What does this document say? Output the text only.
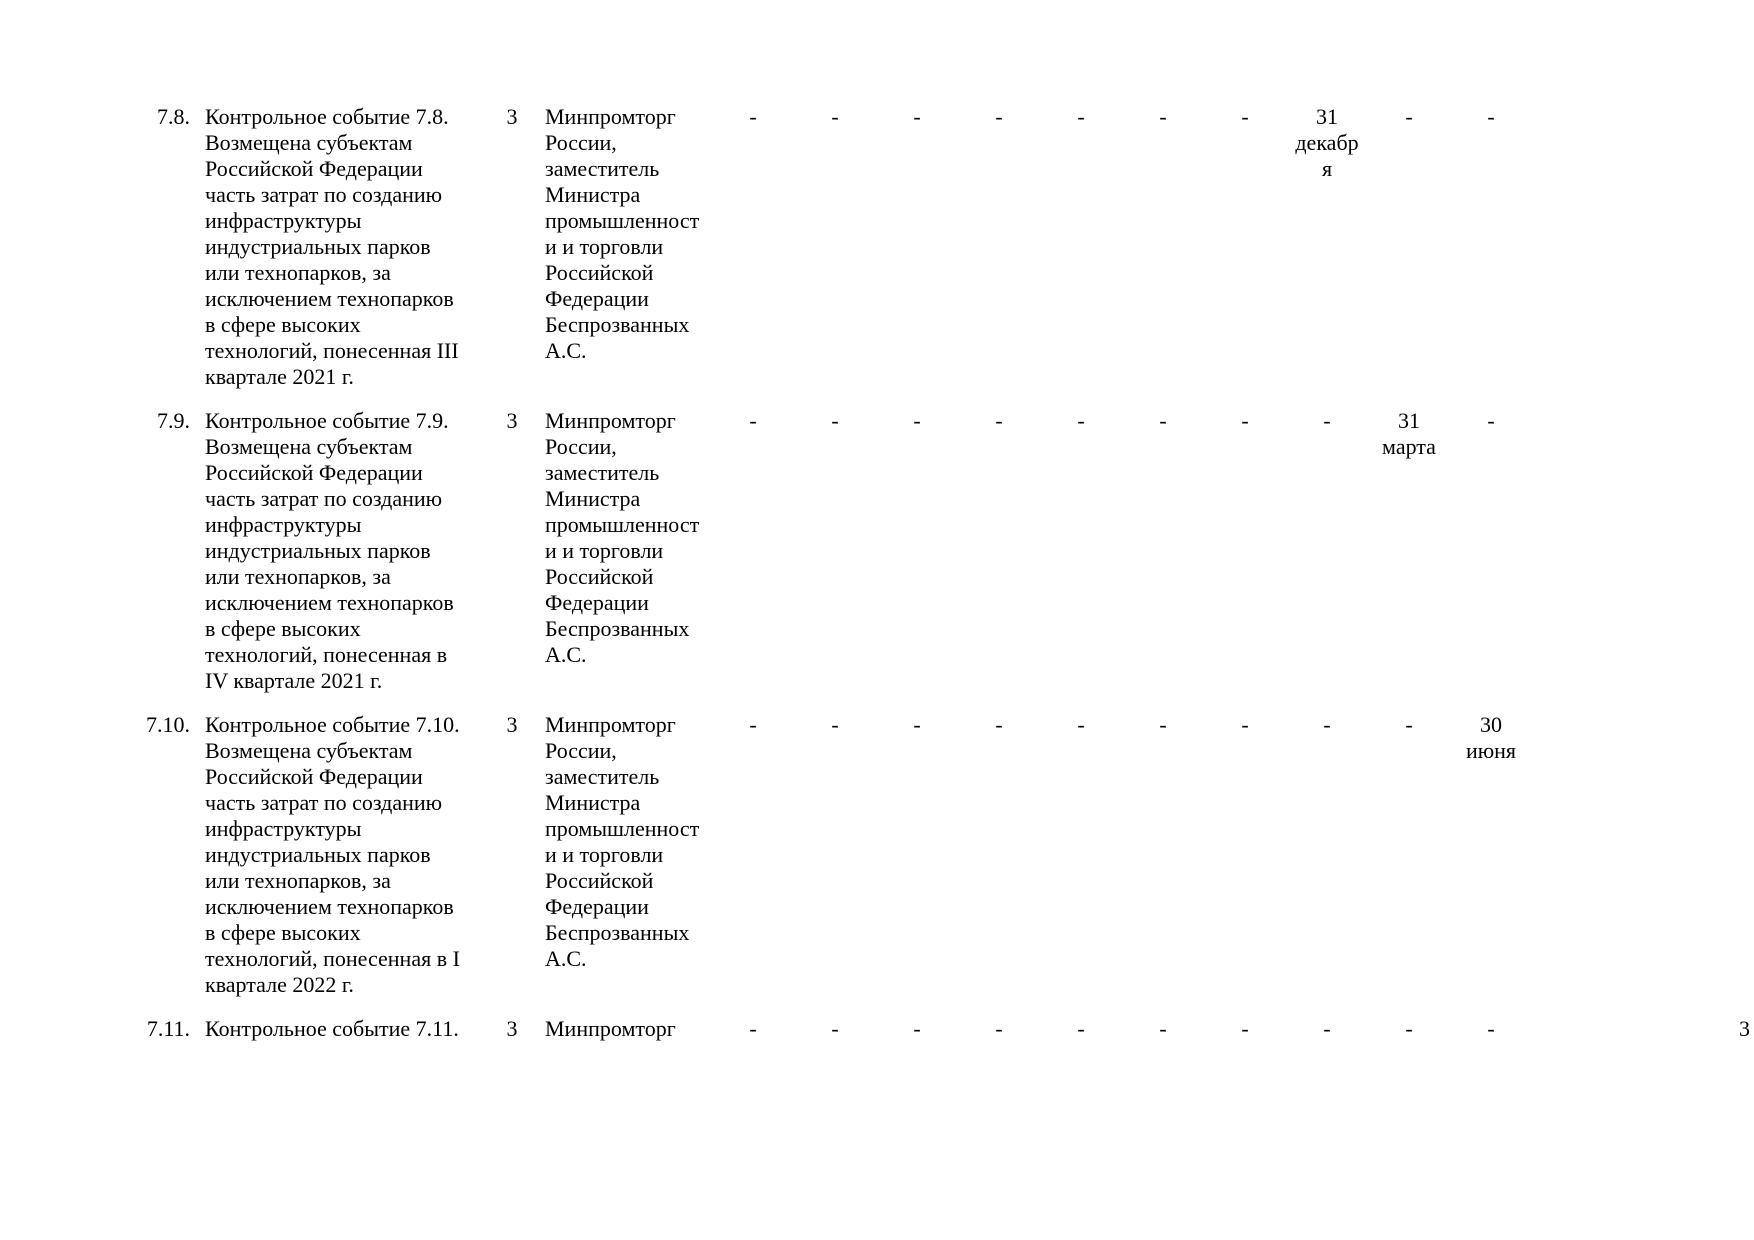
7.8.	Контрольное событие 7.8. Возмещена субъектам Российской Федерации часть затрат по созданию инфраструктуры индустриальных парков или технопарков, за исключением технопарков в сфере высоких технологий, понесенная III квартале 2021 г.	3	Минпромторг России, заместитель Министра промышленности и торговли Российской Федерации Беспрозванных А.С.	-	-	-	-	-	-	-	31 декабря	-	-	
7.9.	Контрольное событие 7.9. Возмещена субъектам Российской Федерации часть затрат по созданию инфраструктуры индустриальных парков или технопарков, за исключением технопарков в сфере высоких технологий, понесенная в IV квартале 2021 г.	3	Минпромторг России, заместитель Министра промышленности и торговли Российской Федерации Беспрозванных А.С.	-	-	-	-	-	-	-	-	31 марта	-	
7.10.	Контрольное событие 7.10. Возмещена субъектам Российской Федерации часть затрат по созданию инфраструктуры индустриальных парков или технопарков, за исключением технопарков в сфере высоких технологий, понесенная в I квартале 2022 г.	3	Минпромторг России, заместитель Министра промышленности и торговли Российской Федерации Беспрозванных А.С.	-	-	-	-	-	-	-	-	-	30 июня	
7.11.	Контрольное событие 7.11.	3	Минпромторг	-	-	-	-	-	-	-	-	-	-	3
